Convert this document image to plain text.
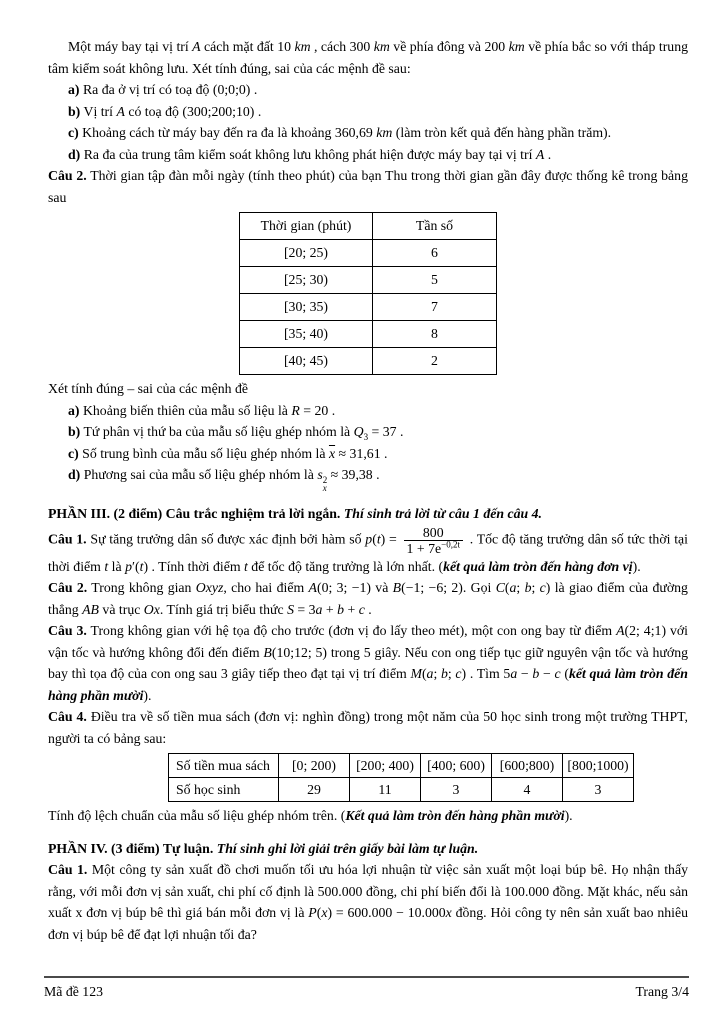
Một máy bay tại vị trí A cách mặt đất 10 km , cách 300 km về phía đông và 200 km về phía bắc so với tháp trung tâm kiểm soát không lưu. Xét tính đúng, sai của các mệnh đề sau:

a) Ra đa ở vị trí có toạ độ (0;0;0) .

b) Vị trí A có toạ độ (300;200;10) .

c) Khoảng cách từ máy bay đến ra đa là khoảng 360,69 km (làm tròn kết quả đến hàng phần trăm).

d) Ra đa của trung tâm kiểm soát không lưu không phát hiện được máy bay tại vị trí A .

Câu 2. Thời gian tập đàn mỗi ngày (tính theo phút) của bạn Thu trong thời gian gần đây được thống kê trong bảng sau

Thời gian (phút)	Tần số
[20; 25)	6
[25; 30)	5
[30; 35)	7
[35; 40)	8
[40; 45)	2

Xét tính đúng – sai của các mệnh đề

a) Khoảng biến thiên của mẫu số liệu là R = 20 .

b) Tứ phân vị thứ ba của mẫu số liệu ghép nhóm là $Q_3 = 37$ .

c) Số trung bình của mẫu số liệu ghép nhóm là $\overline{x} \approx 31,61$ .

d) Phương sai của mẫu số liệu ghép nhóm là s 2
x
≈ 39,38 .

PHẦN III. (2 điểm) Câu trắc nghiệm trả lời ngắn. Thí sinh trả lời từ câu 1 đến câu 4.

Câu 1. Sự tăng trưởng dân số được xác định bởi hàm số $p(t) = \frac{800}{1 + 7e^{-0,2t}}$ . Tốc độ tăng trưởng dân số tức thời tại thời điểm t là p′(t) . Tính thời điểm t để tốc độ tăng trưởng là lớn nhất. (kết quả làm tròn đến hàng đơn vị).

Câu 2. Trong không gian Oxyz, cho hai điểm A(0; 3; −1) và B(−1; −6; 2). Gọi C(a; b; c) là giao điểm của đường thẳng AB và trục Ox. Tính giá trị biểu thức S = 3a + b + c .

Câu 3. Trong không gian với hệ tọa độ cho trước (đơn vị đo lấy theo mét), một con ong bay từ điểm A(2; 4;1) với vận tốc và hướng không đổi đến điểm B(10;12; 5) trong 5 giây. Nếu con ong tiếp tục giữ nguyên vận tốc và hướng bay thì tọa độ của con ong sau 3 giây tiếp theo đạt tại vị trí điểm M(a; b; c) . Tìm 5a − b − c (kết quả làm tròn đến hàng phần mười).

Câu 4. Điều tra về số tiền mua sách (đơn vị: nghìn đồng) trong một năm của 50 học sinh trong một trường THPT, người ta có bảng sau:

Số tiền mua sách	[0; 200)	[200; 400)	[400; 600)	[600;800)	[800;1000)
Số học sinh	29	11	3	4	3

Tính độ lệch chuẩn của mẫu số liệu ghép nhóm trên. (Kết quả làm tròn đến hàng phần mười).

PHẦN IV. (3 điểm) Tự luận. Thí sinh ghi lời giải trên giấy bài làm tự luận.

Câu 1. Một công ty sản xuất đồ chơi muốn tối ưu hóa lợi nhuận từ việc sản xuất một loại búp bê. Họ nhận thấy rằng, với mỗi đơn vị sản xuất, chi phí cố định là 500.000 đồng, chi phí biến đổi là 100.000 đồng. Mặt khác, nếu sản xuất x đơn vị búp bê thì giá bán mỗi đơn vị là P(x) = 600.000 − 10.000x đồng. Hỏi công ty nên sản xuất bao nhiêu đơn vị búp bê để đạt lợi nhuận tối đa?

Mã đề 123	Trang 3/4
